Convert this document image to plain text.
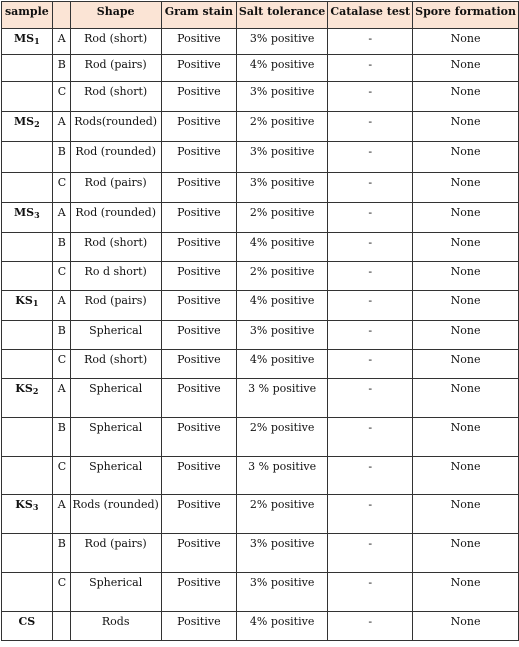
sample		Shape	Gram stain	Salt tolerance	Catalase test	Spore formation
$MS_1$	A	Rod (short)	Positive	3% positive	-	None
	B	Rod (pairs)	Positive	4% positive	-	None
	C	Rod (short)	Positive	3% positive	-	None
$MS_2$	A	Rods(rounded)	Positive	2% positive	-	None
	B	Rod (rounded)	Positive	3% positive	-	None
	C	Rod (pairs)	Positive	3% positive	-	None
$MS_3$	A	Rod (rounded)	Positive	2% positive	-	None
	B	Rod (short)	Positive	4% positive	-	None
	C	Ro d short)	Positive	2% positive	-	None
$KS_1$	A	Rod (pairs)	Positive	4% positive	-	None
	B	Spherical	Positive	3% positive	-	None
	C	Rod (short)	Positive	4% positive	-	None
$KS_2$	A	Spherical	Positive	3 % positive	-	None
	B	Spherical	Positive	2% positive	-	None
	C	Spherical	Positive	3 % positive	-	None
$KS_3$	A	Rods (rounded)	Positive	2% positive	-	None
	B	Rod (pairs)	Positive	3% positive	-	None
	C	Spherical	Positive	3% positive	-	None
CS		Rods	Positive	4% positive	-	None
